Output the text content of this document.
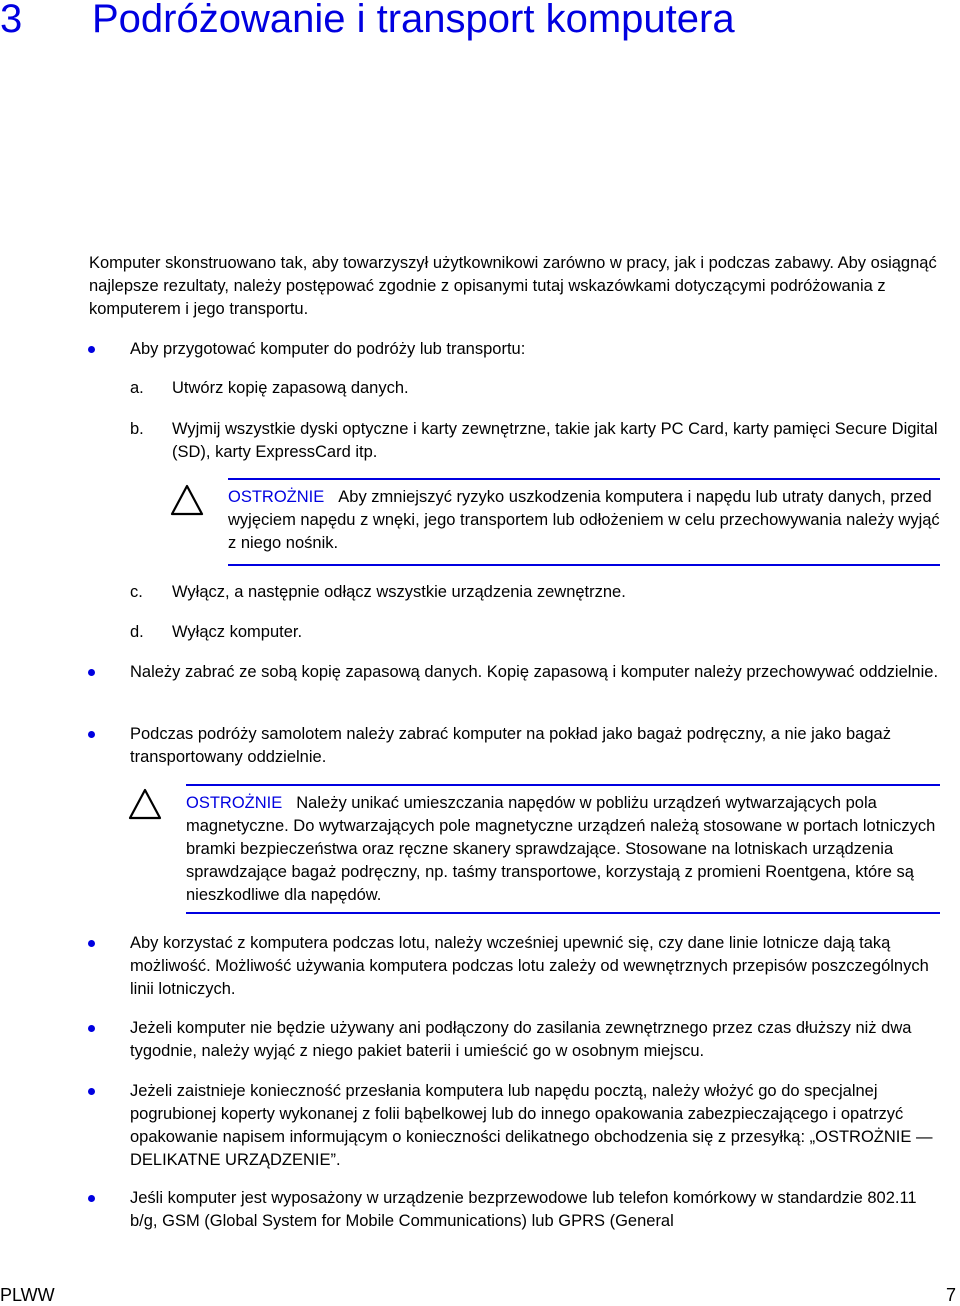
3 Podróżowanie i transport komputera
Komputer skonstruowano tak, aby towarzyszył użytkownikowi zarówno w pracy, jak i podczas zabawy. Aby osiągnąć najlepsze rezultaty, należy postępować zgodnie z opisanymi tutaj wskazówkami dotyczącymi podróżowania z komputerem i jego transportu.
Aby przygotować komputer do podróży lub transportu:
a. Utwórz kopię zapasową danych.
b. Wyjmij wszystkie dyski optyczne i karty zewnętrzne, takie jak karty PC Card, karty pamięci Secure Digital (SD), karty ExpressCard itp.
OSTROŻNIE Aby zmniejszyć ryzyko uszkodzenia komputera i napędu lub utraty danych, przed wyjęciem napędu z wnęki, jego transportem lub odłożeniem w celu przechowywania należy wyjąć z niego nośnik.
c. Wyłącz, a następnie odłącz wszystkie urządzenia zewnętrzne.
d. Wyłącz komputer.
Należy zabrać ze sobą kopię zapasową danych. Kopię zapasową i komputer należy przechowywać oddzielnie.
Podczas podróży samolotem należy zabrać komputer na pokład jako bagaż podręczny, a nie jako bagaż transportowany oddzielnie.
OSTROŻNIE Należy unikać umieszczania napędów w pobliżu urządzeń wytwarzających pola magnetyczne. Do wytwarzających pole magnetyczne urządzeń należą stosowane w portach lotniczych bramki bezpieczeństwa oraz ręczne skanery sprawdzające. Stosowane na lotniskach urządzenia sprawdzające bagaż podręczny, np. taśmy transportowe, korzystają z promieni Roentgena, które są nieszkodliwe dla napędów.
Aby korzystać z komputera podczas lotu, należy wcześniej upewnić się, czy dane linie lotnicze dają taką możliwość. Możliwość używania komputera podczas lotu zależy od wewnętrznych przepisów poszczególnych linii lotniczych.
Jeżeli komputer nie będzie używany ani podłączony do zasilania zewnętrznego przez czas dłuższy niż dwa tygodnie, należy wyjąć z niego pakiet baterii i umieścić go w osobnym miejscu.
Jeżeli zaistnieje konieczność przesłania komputera lub napędu pocztą, należy włożyć go do specjalnej pogrubionej koperty wykonanej z folii bąbelkowej lub do innego opakowania zabezpieczającego i opatrzyć opakowanie napisem informującym o konieczności delikatnego obchodzenia się z przesyłką: „OSTROŻNIE — DELIKATNE URZĄDZENIE”.
Jeśli komputer jest wyposażony w urządzenie bezprzewodowe lub telefon komórkowy w standardzie 802.11 b/g, GSM (Global System for Mobile Communications) lub GPRS (General
PLWW	7
